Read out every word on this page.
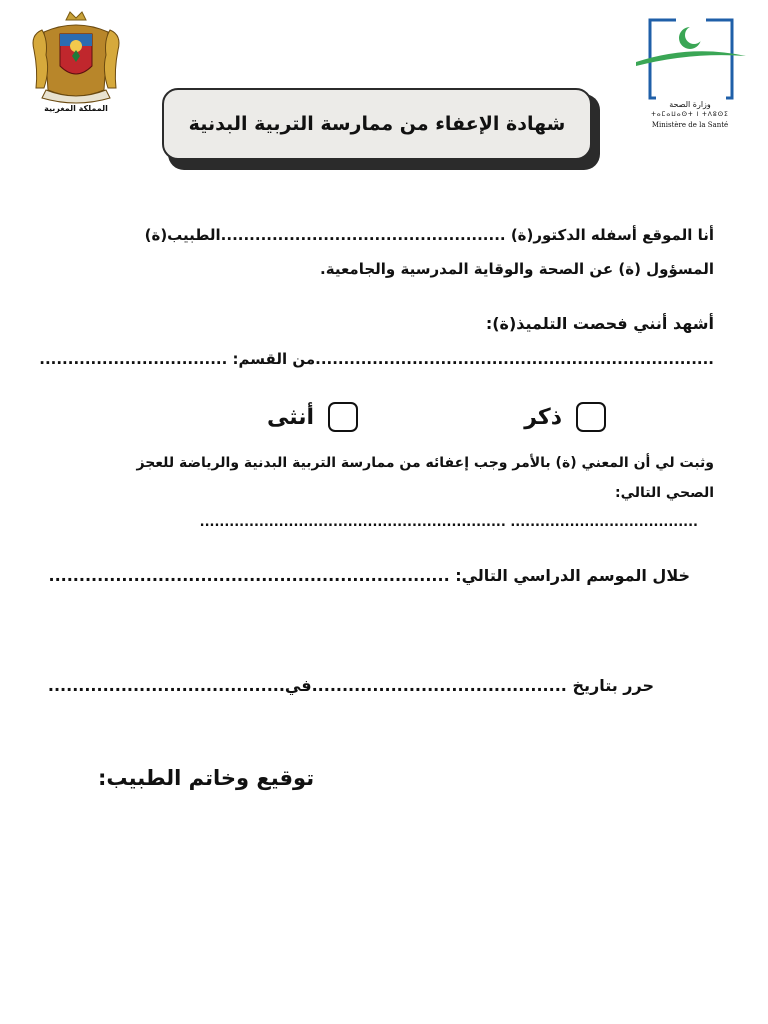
المملكة المغربية	وزارة الصحة
ⵜⴰⵎⴰⵡⴰⵙⵜ ⵏ ⵜⴷⵓⵙⵉ
Ministère de la Santé
شهادة الإعفاء من ممارسة التربية البدنية
أنا الموقع أسفله الدكتور(ة) ..................................................الطبيب(ة)
المسؤول (ة) عن الصحة والوقاية المدرسية والجامعية.
أشهد أنني فحصت التلميذ(ة):
......................................................................من القسم: .................................
ذكر
أنثى
وثبت لي أن المعني (ة) بالأمر وجب إعفائه من ممارسة التربية البدنية والرياضة للعجز
الصحي التالي:
...................................... ..............................................................
خلال الموسم الدراسي التالي: ..................................................................
حرر بتاريخ ..........................................في.......................................
توقيع وخاتم الطبيب:
